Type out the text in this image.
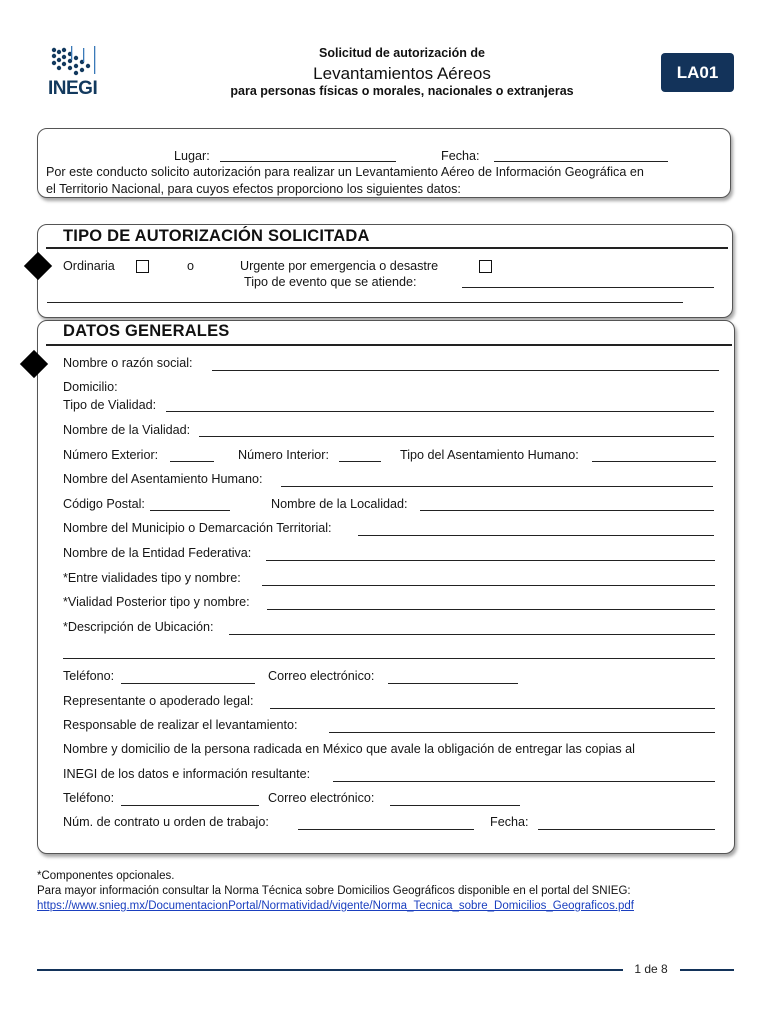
INEGI
Solicitud de autorización de
Levantamientos Aéreos
para personas físicas o morales, nacionales o extranjeras
LA01
Lugar:	Fecha:
Por este conducto solicito autorización para realizar un Levantamiento Aéreo de Información Geográfica en
el Territorio Nacional, para cuyos efectos proporciono los siguientes datos:
TIPO DE AUTORIZACIÓN SOLICITADA
Ordinaria	o	Urgente por emergencia o desastre
Tipo de evento que se atiende:
DATOS GENERALES
Nombre o razón social:
Domicilio:
Tipo de Vialidad:
Nombre de la Vialidad:
Número Exterior:	Número Interior:	Tipo del Asentamiento Humano:
Nombre del Asentamiento Humano:
Código Postal:	Nombre de la Localidad:
Nombre del Municipio o Demarcación Territorial:
Nombre de la Entidad Federativa:
*Entre vialidades tipo y nombre:
*Vialidad Posterior tipo y nombre:
*Descripción de Ubicación:
Teléfono:	Correo electrónico:
Representante o apoderado legal:
Responsable de realizar el levantamiento:
Nombre y domicilio de la persona radicada en México que avale la obligación de entregar las copias al
INEGI de los datos e información resultante:
Teléfono:	Correo electrónico:
Núm. de contrato u orden de trabajo:	Fecha:
*Componentes opcionales.
Para mayor información consultar la Norma Técnica sobre Domicilios Geográficos disponible en el portal del SNIEG:
https://www.snieg.mx/DocumentacionPortal/Normatividad/vigente/Norma_Tecnica_sobre_Domicilios_Geograficos.pdf
1 de 8
